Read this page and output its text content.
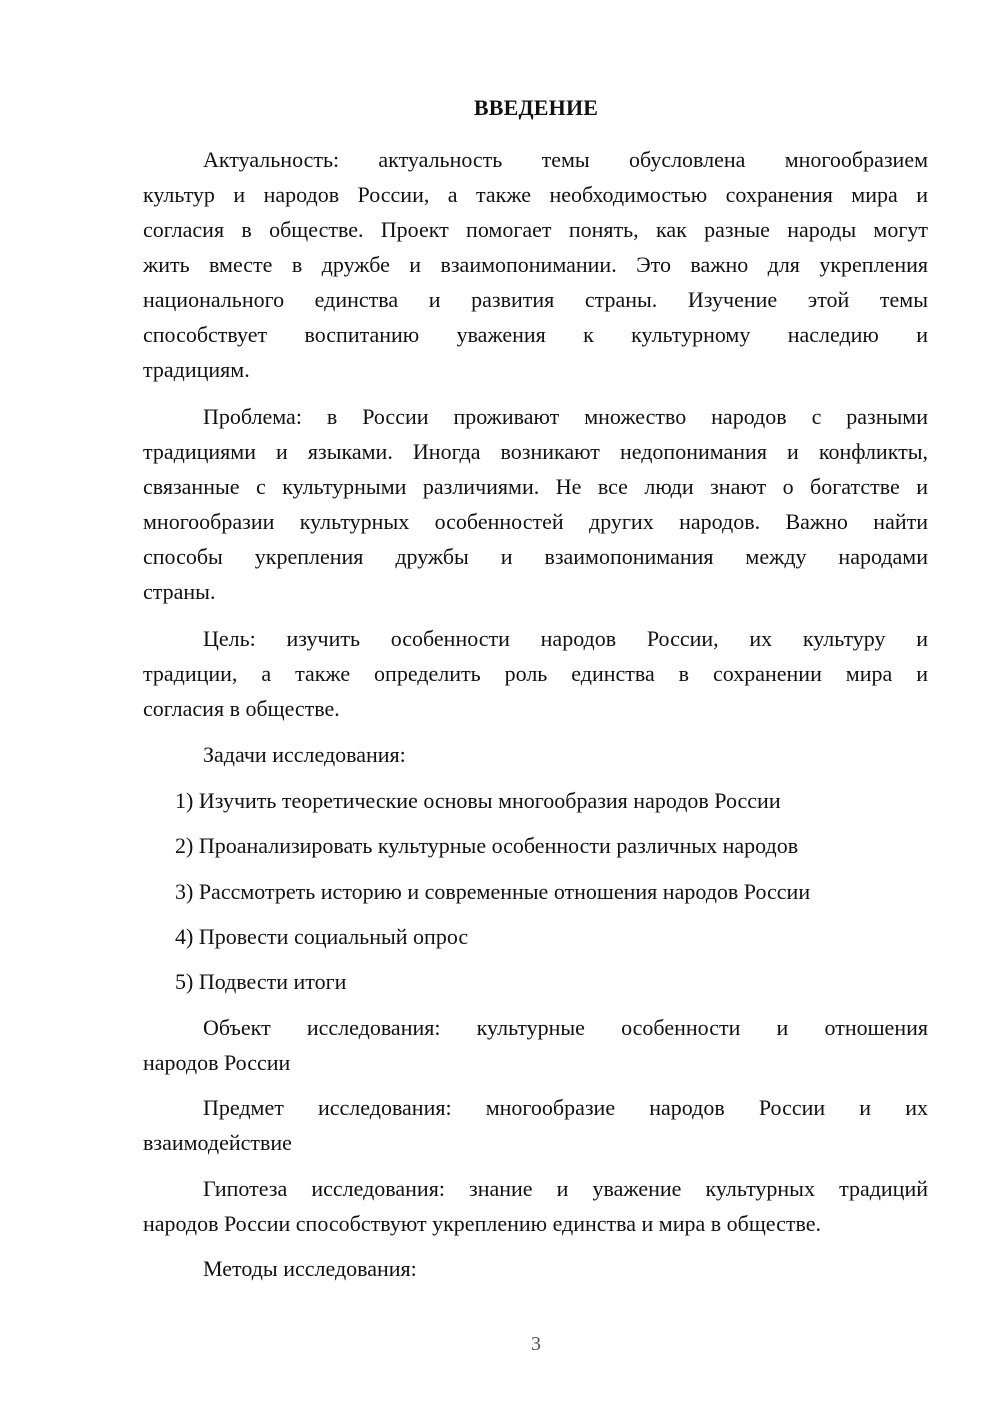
ВВЕДЕНИЕ
Актуальность: актуальность темы обусловлена многообразием
культур и народов России, а также необходимостью сохранения мира и
согласия в обществе. Проект помогает понять, как разные народы могут
жить вместе в дружбе и взаимопонимании. Это важно для укрепления
национального единства и развития страны. Изучение этой темы
способствует воспитанию уважения к культурному наследию и
традициям.
Проблема: в России проживают множество народов с разными
традициями и языками. Иногда возникают недопонимания и конфликты,
связанные с культурными различиями. Не все люди знают о богатстве и
многообразии культурных особенностей других народов. Важно найти
способы укрепления дружбы и взаимопонимания между народами
страны.
Цель: изучить особенности народов России, их культуру и
традиции, а также определить роль единства в сохранении мира и
согласия в обществе.
Задачи исследования:
1) Изучить теоретические основы многообразия народов России
2) Проанализировать культурные особенности различных народов
3) Рассмотреть историю и современные отношения народов России
4) Провести социальный опрос
5) Подвести итоги
Объект исследования: культурные особенности и отношения
народов России
Предмет исследования: многообразие народов России и их
взаимодействие
Гипотеза исследования: знание и уважение культурных традиций
народов России способствуют укреплению единства и мира в обществе.
Методы исследования:
3
